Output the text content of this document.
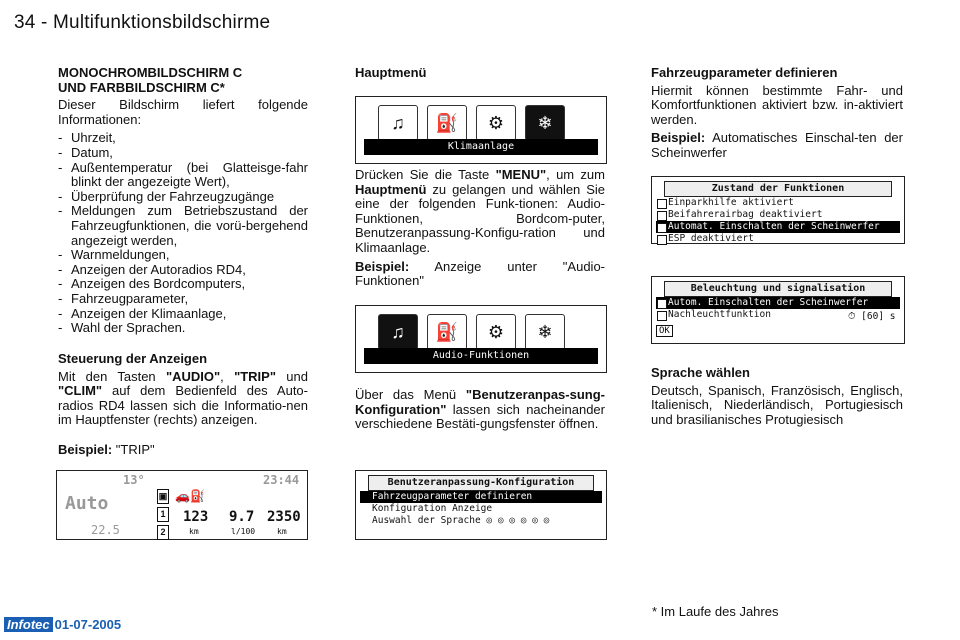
34 - Multifunktionsbildschirme
MONOCHROMBILDSCHIRM C
UND FARBBILDSCHIRM C*

Dieser Bildschirm liefert folgende Informationen:

- Uhrzeit,
- Datum,
- Außentemperatur (bei Glatteisge-fahr blinkt der angezeigte Wert),
- Überprüfung der Fahrzeugzugänge
- Meldungen zum Betriebszustand der Fahrzeugfunktionen, die vorü-bergehend angezeigt werden,
- Warnmeldungen,
- Anzeigen der Autoradios RD4,
- Anzeigen des Bordcomputers,
- Fahrzeugparameter,
- Anzeigen der Klimaanlage,
- Wahl der Sprachen.
Steuerung der Anzeigen

Mit den Tasten "AUDIO", "TRIP" und "CLIM" auf dem Bedienfeld des Auto-radios RD4 lassen sich die Informatio-nen im Hauptfenster (rechts) anzeigen.

Beispiel: "TRIP"
Auto
22.5
13°	23:44
▣
1
2
🚗⛽
123
km
9.7
l/100
2350
km
Hauptmenü
♫	⛽	⚙	❄
Klimaanlage

Drücken Sie die Taste "MENU", um zum Hauptmenü zu gelangen und wählen Sie eine der folgenden Funk-tionen: Audio-Funktionen, Bordcom-puter, Benutzeranpassung-Konfigu-ration und Klimaanlage.

Beispiel: Anzeige unter "Audio-Funktionen"

♫	⛽	⚙	❄
Audio-Funktionen

Über das Menü "Benutzeranpas-sung-Konfiguration" lassen sich nacheinander verschiedene Bestäti-gungsfenster öffnen.

Benutzeranpassung-Konfiguration
Fahrzeugparameter definieren
Konfiguration Anzeige
Auswahl der Sprache ◎ ◎ ◎ ◎ ◎ ◎
Fahrzeugparameter definieren

Hiermit können bestimmte Fahr- und Komfortfunktionen aktiviert bzw. in-aktiviert werden.

Beispiel: Automatisches Einschal-ten der Scheinwerfer

Zustand der Funktionen
Einparkhilfe aktiviert
Beifahrerairbag deaktiviert
Automat. Einschalten der Scheinwerfer
ESP deaktiviert
Beleuchtung und signalisation
Autom. Einschalten der Scheinwerfer
Nachleuchtfunktion	⏱ [60] s
OK
Sprache wählen

Deutsch, Spanisch, Französisch, Englisch, Italienisch, Niederländisch, Portugiesisch und brasilianisches Protugiesisch

* Im Laufe des Jahres
Infotec 01-07-2005
